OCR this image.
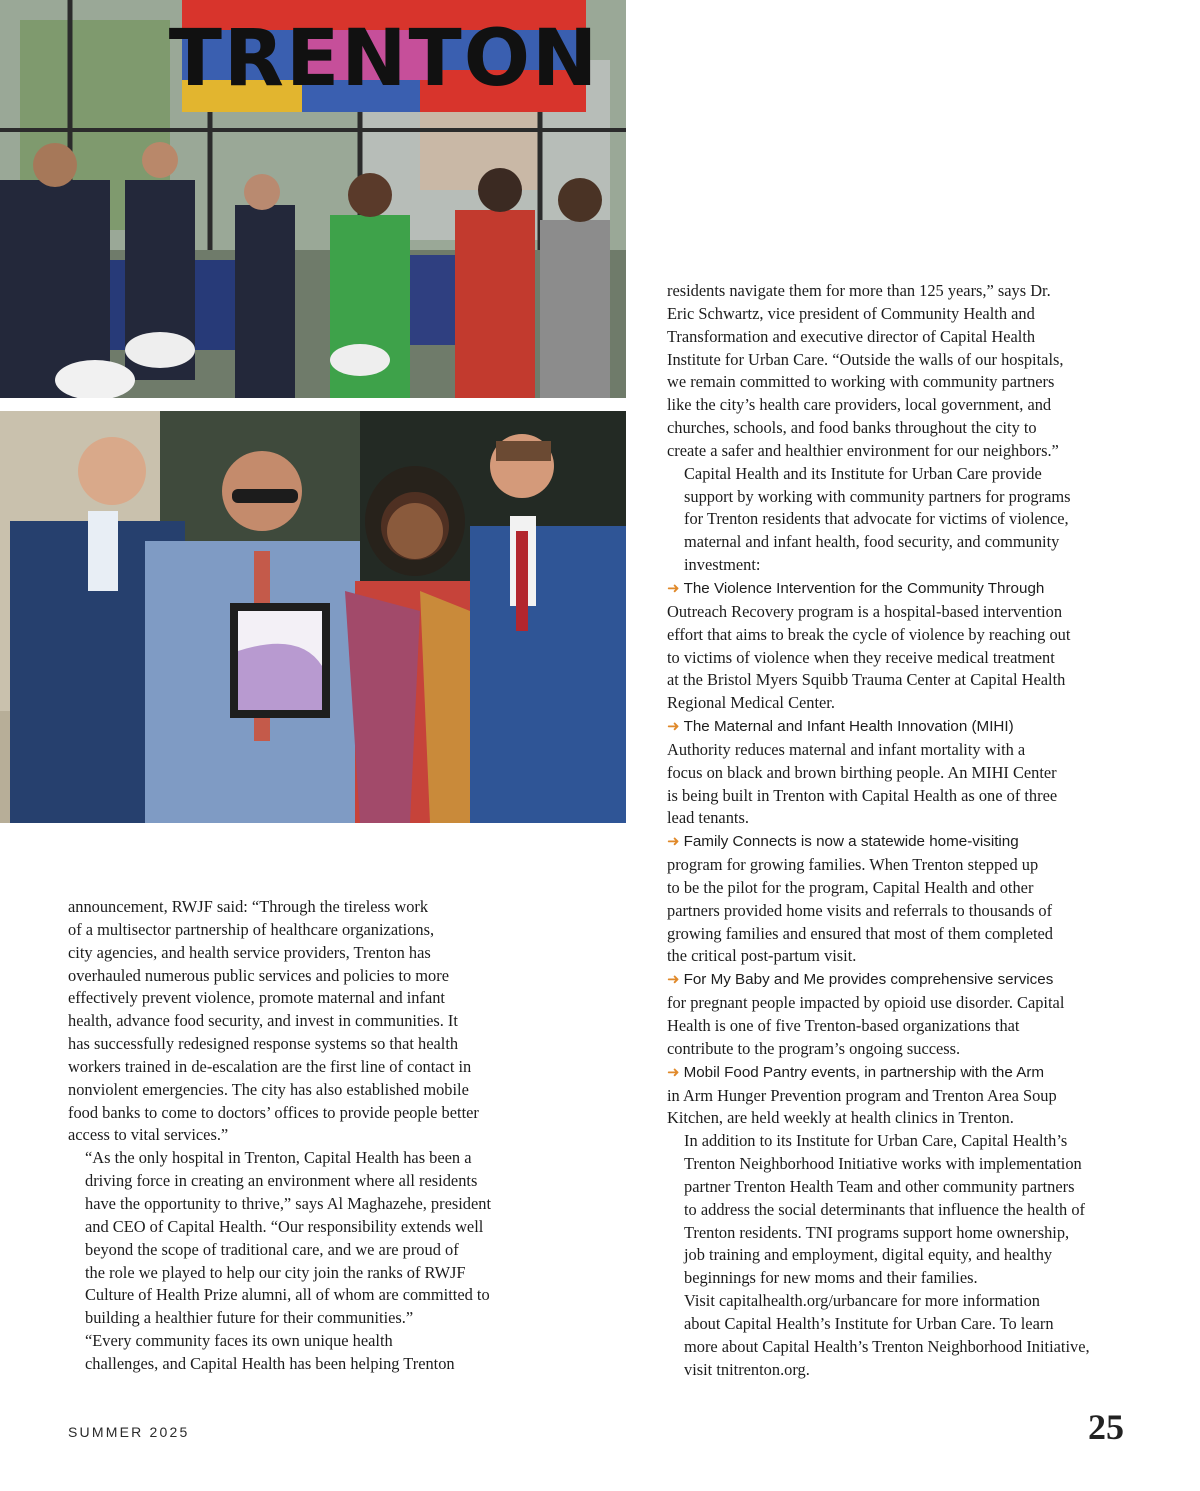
TRENTON

announcement, RWJF said: “Through the tireless work
of a multisector partnership of healthcare organizations,
city agencies, and health service providers, Trenton has
overhauled numerous public services and policies to more
effectively prevent violence, promote maternal and infant
health, advance food security, and invest in communities. It
has successfully redesigned response systems so that health
workers trained in de-escalation are the first line of contact in
nonviolent emergencies. The city has also established mobile
food banks to come to doctors’ offices to provide people better
access to vital services.”

“As the only hospital in Trenton, Capital Health has been a
driving force in creating an environment where all residents
have the opportunity to thrive,” says Al Maghazehe, president
and CEO of Capital Health. “Our responsibility extends well
beyond the scope of traditional care, and we are proud of
the role we played to help our city join the ranks of RWJF
Culture of Health Prize alumni, all of whom are committed to
building a healthier future for their communities.”

“Every community faces its own unique health
challenges, and Capital Health has been helping Trenton

residents navigate them for more than 125 years,” says Dr.
Eric Schwartz, vice president of Community Health and
Transformation and executive director of Capital Health
Institute for Urban Care. “Outside the walls of our hospitals,
we remain committed to working with community partners
like the city’s health care providers, local government, and
churches, schools, and food banks throughout the city to
create a safer and healthier environment for our neighbors.”

Capital Health and its Institute for Urban Care provide
support by working with community partners for programs
for Trenton residents that advocate for victims of violence,
maternal and infant health, food security, and community
investment:

➜ The Violence Intervention for the Community Through
Outreach Recovery program is a hospital-based intervention
effort that aims to break the cycle of violence by reaching out
to victims of violence when they receive medical treatment
at the Bristol Myers Squibb Trauma Center at Capital Health
Regional Medical Center.

➜ The Maternal and Infant Health Innovation (MIHI)
Authority reduces maternal and infant mortality with a
focus on black and brown birthing people. An MIHI Center
is being built in Trenton with Capital Health as one of three
lead tenants.

➜ Family Connects is now a statewide home-visiting
program for growing families. When Trenton stepped up
to be the pilot for the program, Capital Health and other
partners provided home visits and referrals to thousands of
growing families and ensured that most of them completed
the critical post-partum visit.

➜ For My Baby and Me provides comprehensive services
for pregnant people impacted by opioid use disorder. Capital
Health is one of five Trenton-based organizations that
contribute to the program’s ongoing success.

➜ Mobil Food Pantry events, in partnership with the Arm
in Arm Hunger Prevention program and Trenton Area Soup
Kitchen, are held weekly at health clinics in Trenton.

In addition to its Institute for Urban Care, Capital Health’s
Trenton Neighborhood Initiative works with implementation
partner Trenton Health Team and other community partners
to address the social determinants that influence the health of
Trenton residents. TNI programs support home ownership,
job training and employment, digital equity, and healthy
beginnings for new moms and their families.

Visit capitalhealth.org/urbancare for more information
about Capital Health’s Institute for Urban Care. To learn
more about Capital Health’s Trenton Neighborhood Initiative,
visit tnitrenton.org.

SUMMER 2025	25
